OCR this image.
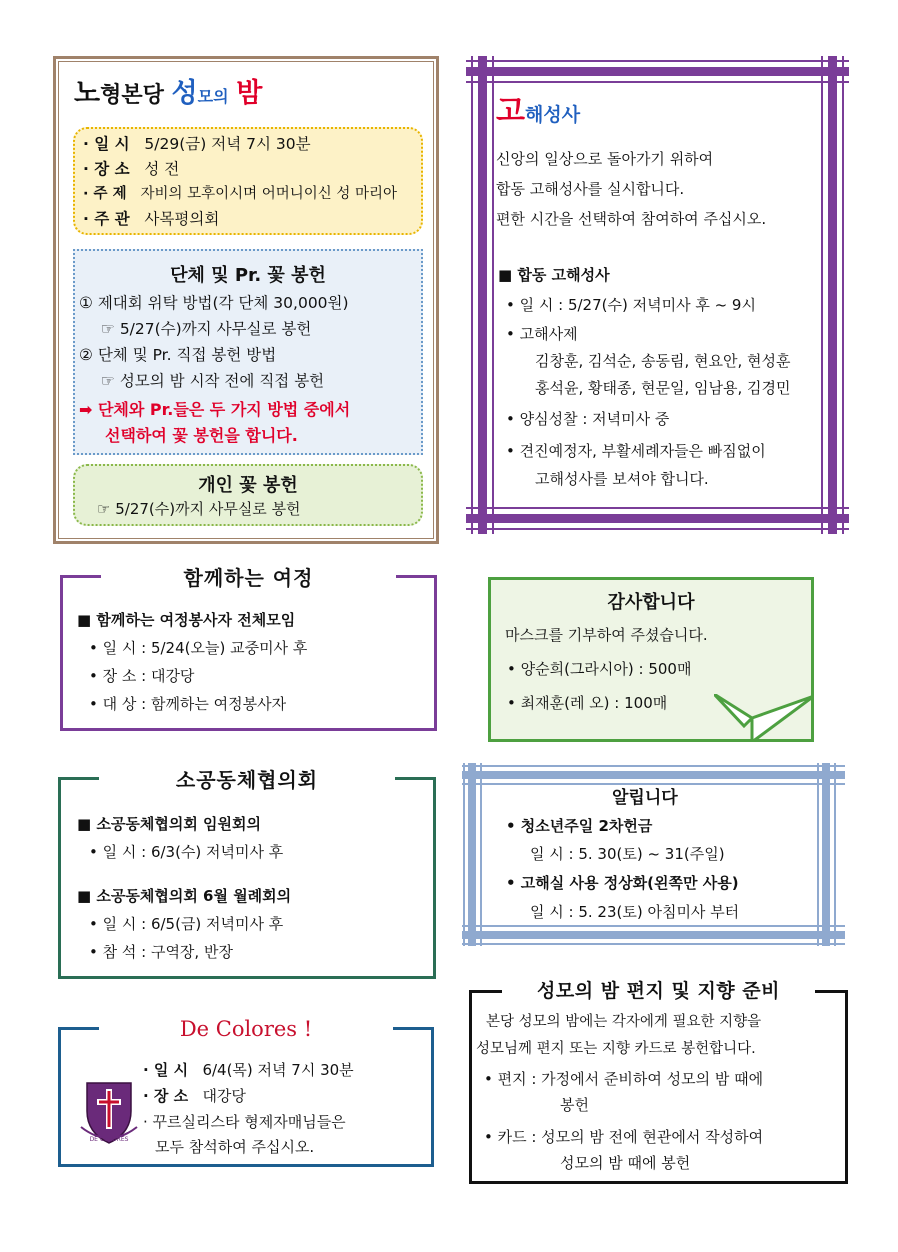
노형본당 성모의 밤
· 일 시 5/29(금) 저녁 7시 30분
· 장 소 성 전
· 주 제 자비의 모후이시며 어머니이신 성 마리아
· 주 관 사목평의회
단체 및 Pr. 꽃 봉헌
① 제대회 위탁 방법(각 단체 30,000원)
☞ 5/27(수)까지 사무실로 봉헌
② 단체 및 Pr. 직접 봉헌 방법
☞ 성모의 밤 시작 전에 직접 봉헌
➡ 단체와 Pr.들은 두 가지 방법 중에서
선택하여 꽃 봉헌을 합니다.
개인 꽃 봉헌
☞ 5/27(수)까지 사무실로 봉헌
고해성사
신앙의 일상으로 돌아가기 위하여
합동 고해성사를 실시합니다.
편한 시간을 선택하여 참여하여 주십시오.
■ 합동 고해성사
• 일 시 : 5/27(수) 저녁미사 후 ~ 9시
• 고해사제
김창훈, 김석순, 송동림, 현요안, 현성훈
홍석윤, 황태종, 현문일, 임남용, 김경민
• 양심성찰 : 저녁미사 중
• 견진예정자, 부활세례자들은 빠짐없이
고해성사를 보셔야 합니다.
함께하는 여정
■ 함께하는 여정봉사자 전체모임
• 일 시 : 5/24(오늘) 교중미사 후
• 장 소 : 대강당
• 대 상 : 함께하는 여정봉사자
감사합니다
마스크를 기부하여 주셨습니다.
• 양순희(그라시아) : 500매
• 최재훈(레 오) : 100매
소공동체협의회
■ 소공동체협의회 임원회의
• 일 시 : 6/3(수) 저녁미사 후
■ 소공동체협의회 6월 월례회의
• 일 시 : 6/5(금) 저녁미사 후
• 참 석 : 구역장, 반장
알립니다
• 청소년주일 2차헌금
일 시 : 5. 30(토) ~ 31(주일)
• 고해실 사용 정상화(왼쪽만 사용)
일 시 : 5. 23(토) 아침미사 부터
De Colores !
DE COLORES
· 일 시 6/4(목) 저녁 7시 30분
· 장 소 대강당
· 꾸르실리스타 형제자매님들은
모두 참석하여 주십시오.
성모의 밤 편지 및 지향 준비
본당 성모의 밤에는 각자에게 필요한 지향을
성모님께 편지 또는 지향 카드로 봉헌합니다.
• 편지 : 가정에서 준비하여 성모의 밤 때에
봉헌
• 카드 : 성모의 밤 전에 현관에서 작성하여
성모의 밤 때에 봉헌
